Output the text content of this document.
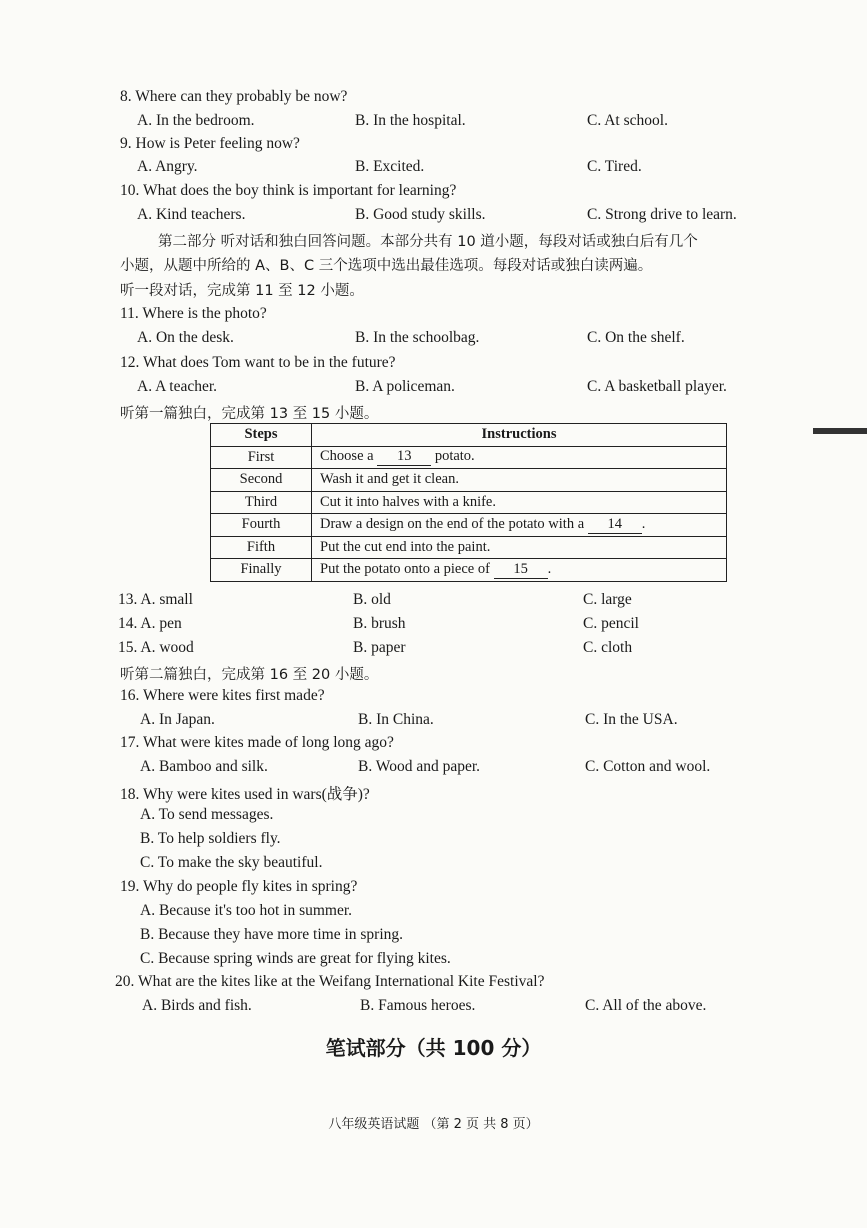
8. Where can they probably be now?
A. In the bedroom.	B. In the hospital.	C. At school.
9. How is Peter feeling now?
A. Angry.	B. Excited.	C. Tired.
10. What does the boy think is important for learning?
A. Kind teachers.	B. Good study skills.	C. Strong drive to learn.
第二部分 听对话和独白回答问题。本部分共有 10 道小题，每段对话或独白后有几个
小题，从题中所给的 A、B、C 三个选项中选出最佳选项。每段对话或独白读两遍。
听一段对话，完成第 11 至 12 小题。
11. Where is the photo?
A. On the desk.	B. In the schoolbag.	C. On the shelf.
12. What does Tom want to be in the future?
A. A teacher.	B. A policeman.	C. A basketball player.
听第一篇独白，完成第 13 至 15 小题。
Steps	Instructions
First	Choose a 13 potato.
Second	Wash it and get it clean.
Third	Cut it into halves with a knife.
Fourth	Draw a design on the end of the potato with a 14 .
Fifth	Put the cut end into the paint.
Finally	Put the potato onto a piece of 15 .
13. A. small	B. old	C. large
14. A. pen	B. brush	C. pencil
15. A. wood	B. paper	C. cloth
听第二篇独白，完成第 16 至 20 小题。
16. Where were kites first made?
A. In Japan.	B. In China.	C. In the USA.
17. What were kites made of long long ago?
A. Bamboo and silk.	B. Wood and paper.	C. Cotton and wool.
18. Why were kites used in wars(战争)?
A. To send messages.
B. To help soldiers fly.
C. To make the sky beautiful.
19. Why do people fly kites in spring?
A. Because it's too hot in summer.
B. Because they have more time in spring.
C. Because spring winds are great for flying kites.
20. What are the kites like at the Weifang International Kite Festival?
A. Birds and fish.	B. Famous heroes.	C. All of the above.
笔试部分（共 100 分）
八年级英语试题 （第 2 页 共 8 页）
